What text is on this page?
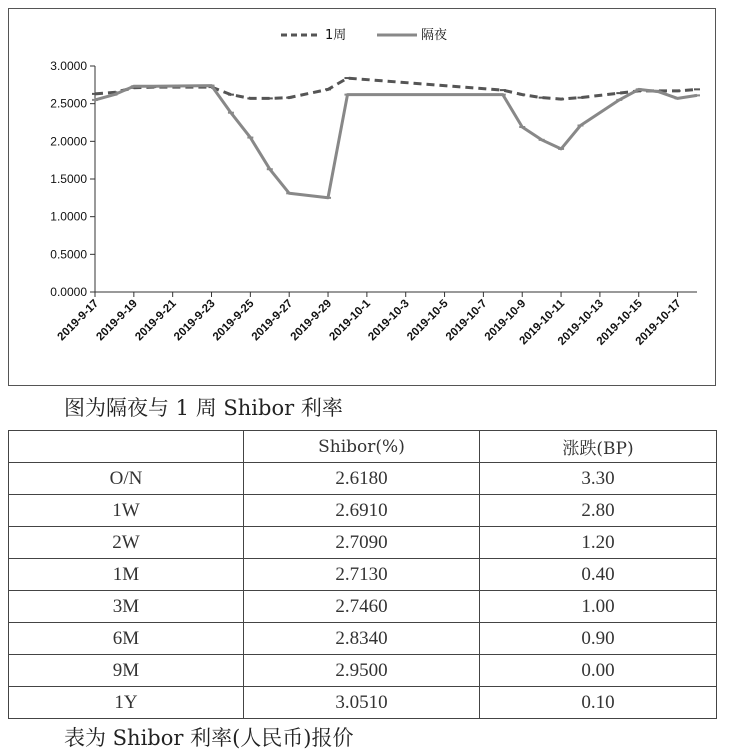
0.0000
0.5000
1.0000
1.5000
2.0000
2.5000
3.0000
2019-9-17
2019-9-19
2019-9-21
2019-9-23
2019-9-25
2019-9-27
2019-9-29
2019-10-1
2019-10-3
2019-10-5
2019-10-7
2019-10-9
2019-10-11
2019-10-13
2019-10-15
2019-10-17
1周	隔夜
图为隔夜与 1 周 Shibor 利率
	Shibor(%)	涨跌(BP)
O/N	2.6180	3.30
1W	2.6910	2.80
2W	2.7090	1.20
1M	2.7130	0.40
3M	2.7460	1.00
6M	2.8340	0.90
9M	2.9500	0.00
1Y	3.0510	0.10
表为 Shibor 利率(人民币)报价
